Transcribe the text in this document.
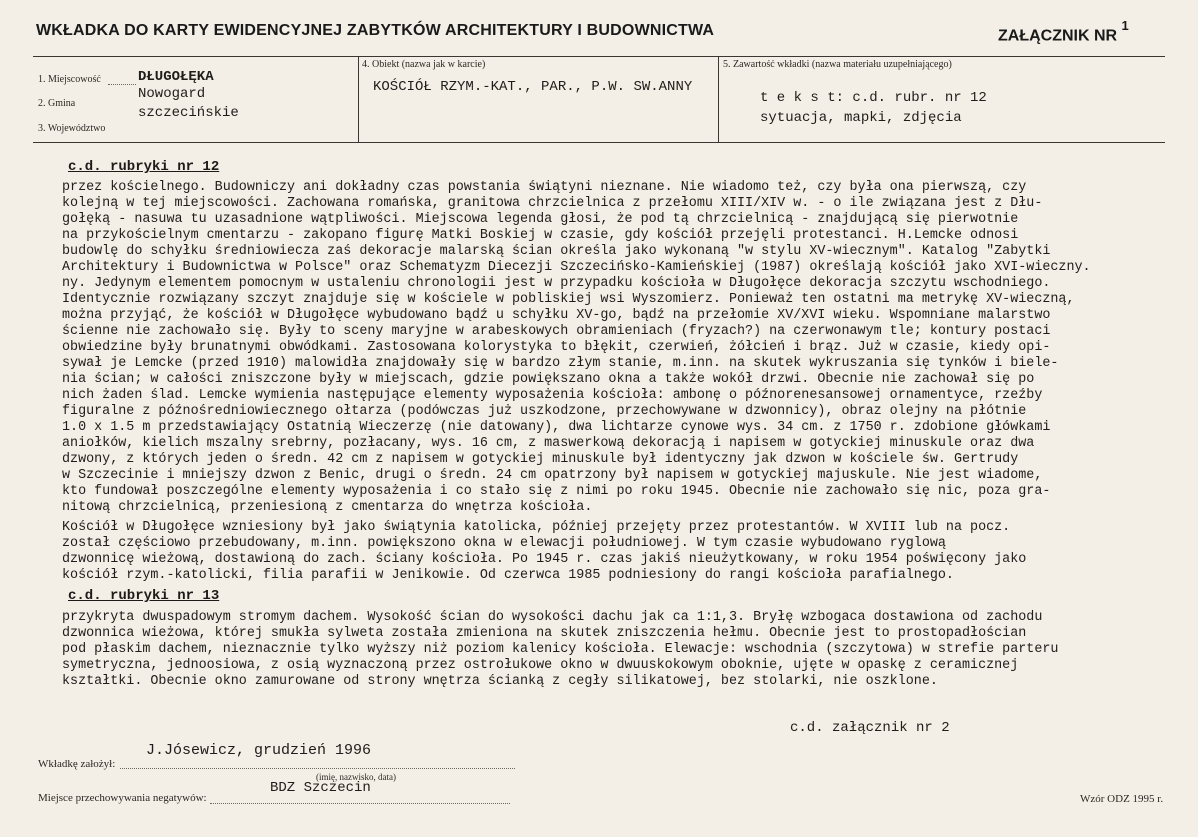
WKŁADKA DO KARTY EWIDENCYJNEJ ZABYTKÓW ARCHITEKTURY I BUDOWNICTWA	ZAŁĄCZNIK NR $^1$
1. Miejscowość	DŁUGOŁĘKA
2. Gmina
Nowogard
3. Województwo
szczecińskie
4. Obiekt (nazwa jak w karcie)
KOŚCIÓŁ RZYM.-KAT., PAR., P.W. SW.ANNY
5. Zawartość wkładki (nazwa materiału uzupełniającego)
t e k s t: c.d. rubr. nr 12
sytuacja, mapki, zdjęcia
c.d. rubryki nr 12
przez kościelnego. Budowniczy ani dokładny czas powstania świątyni nieznane. Nie wiadomo też, czy była ona pierwszą, czy
kolejną w tej miejscowości. Zachowana romańska, granitowa chrzcielnica z przełomu XIII/XIV w. - o ile związana jest z Dłu-
gołęką - nasuwa tu uzasadnione wątpliwości. Miejscowa legenda głosi, że pod tą chrzcielnicą - znajdującą się pierwotnie
na przykościelnym cmentarzu - zakopano figurę Matki Boskiej w czasie, gdy kościół przejęli protestanci. H.Lemcke odnosi
budowlę do schyłku średniowiecza zaś dekoracje malarską ścian określa jako wykonaną "w stylu XV-wiecznym". Katalog "Zabytki
Architektury i Budownictwa w Polsce" oraz Schematyzm Diecezji Szczecińsko-Kamieńskiej (1987) określają kościół jako XVI-wieczny.
ny. Jedynym elementem pomocnym w ustaleniu chronologii jest w przypadku kościoła w Długołęce dekoracja szczytu wschodniego.
Identycznie rozwiązany szczyt znajduje się w kościele w pobliskiej wsi Wyszomierz. Ponieważ ten ostatni ma metrykę XV-wieczną,
można przyjąć, że kościół w Długołęce wybudowano bądź u schyłku XV-go, bądź na przełomie XV/XVI wieku. Wspomniane malarstwo
ścienne nie zachowało się. Były to sceny maryjne w arabeskowych obramieniach (fryzach?) na czerwonawym tle; kontury postaci
obwiedzine były brunatnymi obwódkami. Zastosowana kolorystyka to błękit, czerwień, żółcień i brąz. Już w czasie, kiedy opi-
sywał je Lemcke (przed 1910) malowidła znajdowały się w bardzo złym stanie, m.inn. na skutek wykruszania się tynków i biele-
nia ścian; w całości zniszczone były w miejscach, gdzie powiększano okna a także wokół drzwi. Obecnie nie zachował się po
nich żaden ślad. Lemcke wymienia następujące elementy wyposażenia kościoła: ambonę o późnorenesansowej ornamentyce, rzeźby
figuralne z późnośredniowiecznego ołtarza (podówczas już uszkodzone, przechowywane w dzwonnicy), obraz olejny na płótnie
1.0 x 1.5 m przedstawiający Ostatnią Wieczerzę (nie datowany), dwa lichtarze cynowe wys. 34 cm. z 1750 r. zdobione główkami
aniołków, kielich mszalny srebrny, pozłacany, wys. 16 cm, z maswerkową dekoracją i napisem w gotyckiej minuskule oraz dwa
dzwony, z których jeden o średn. 42 cm z napisem w gotyckiej minuskule był identyczny jak dzwon w kościele św. Gertrudy
w Szczecinie i mniejszy dzwon z Benic, drugi o średn. 24 cm opatrzony był napisem w gotyckiej majuskule. Nie jest wiadome,
kto fundował poszczególne elementy wyposażenia i co stało się z nimi po roku 1945. Obecnie nie zachowało się nic, poza gra-
nitową chrzcielnicą, przeniesioną z cmentarza do wnętrza kościoła.
Kościół w Długołęce wzniesiony był jako świątynia katolicka, później przejęty przez protestantów. W XVIII lub na pocz.
został częściowo przebudowany, m.inn. powiększono okna w elewacji południowej. W tym czasie wybudowano ryglową
dzwonnicę wieżową, dostawioną do zach. ściany kościoła. Po 1945 r. czas jakiś nieużytkowany, w roku 1954 poświęcony jako
kościół rzym.-katolicki, filia parafii w Jenikowie. Od czerwca 1985 podniesiony do rangi kościoła parafialnego.
c.d. rubryki nr 13
przykryta dwuspadowym stromym dachem. Wysokość ścian do wysokości dachu jak ca 1:1,3. Bryłę wzbogaca dostawiona od zachodu
dzwonnica wieżowa, której smukła sylweta została zmieniona na skutek zniszczenia hełmu. Obecnie jest to prostopadłościan
pod płaskim dachem, nieznacznie tylko wyższy niż poziom kalenicy kościoła. Elewacje: wschodnia (szczytowa) w strefie parteru
symetryczna, jednoosiowa, z osią wyznaczoną przez ostrołukowe okno w dwuuskokowym oboknie, ujęte w opaskę z ceramicznej
kształtki. Obecnie okno zamurowane od strony wnętrza ścianką z cegły silikatowej, bez stolarki, nie oszklone.
c.d. załącznik nr 2
Wkładkę założył:
J.Jósewicz, grudzień 1996
(imię, nazwisko, data)
Miejsce przechowywania negatywów:
BDZ Szczecin
Wzór ODZ 1995 r.
